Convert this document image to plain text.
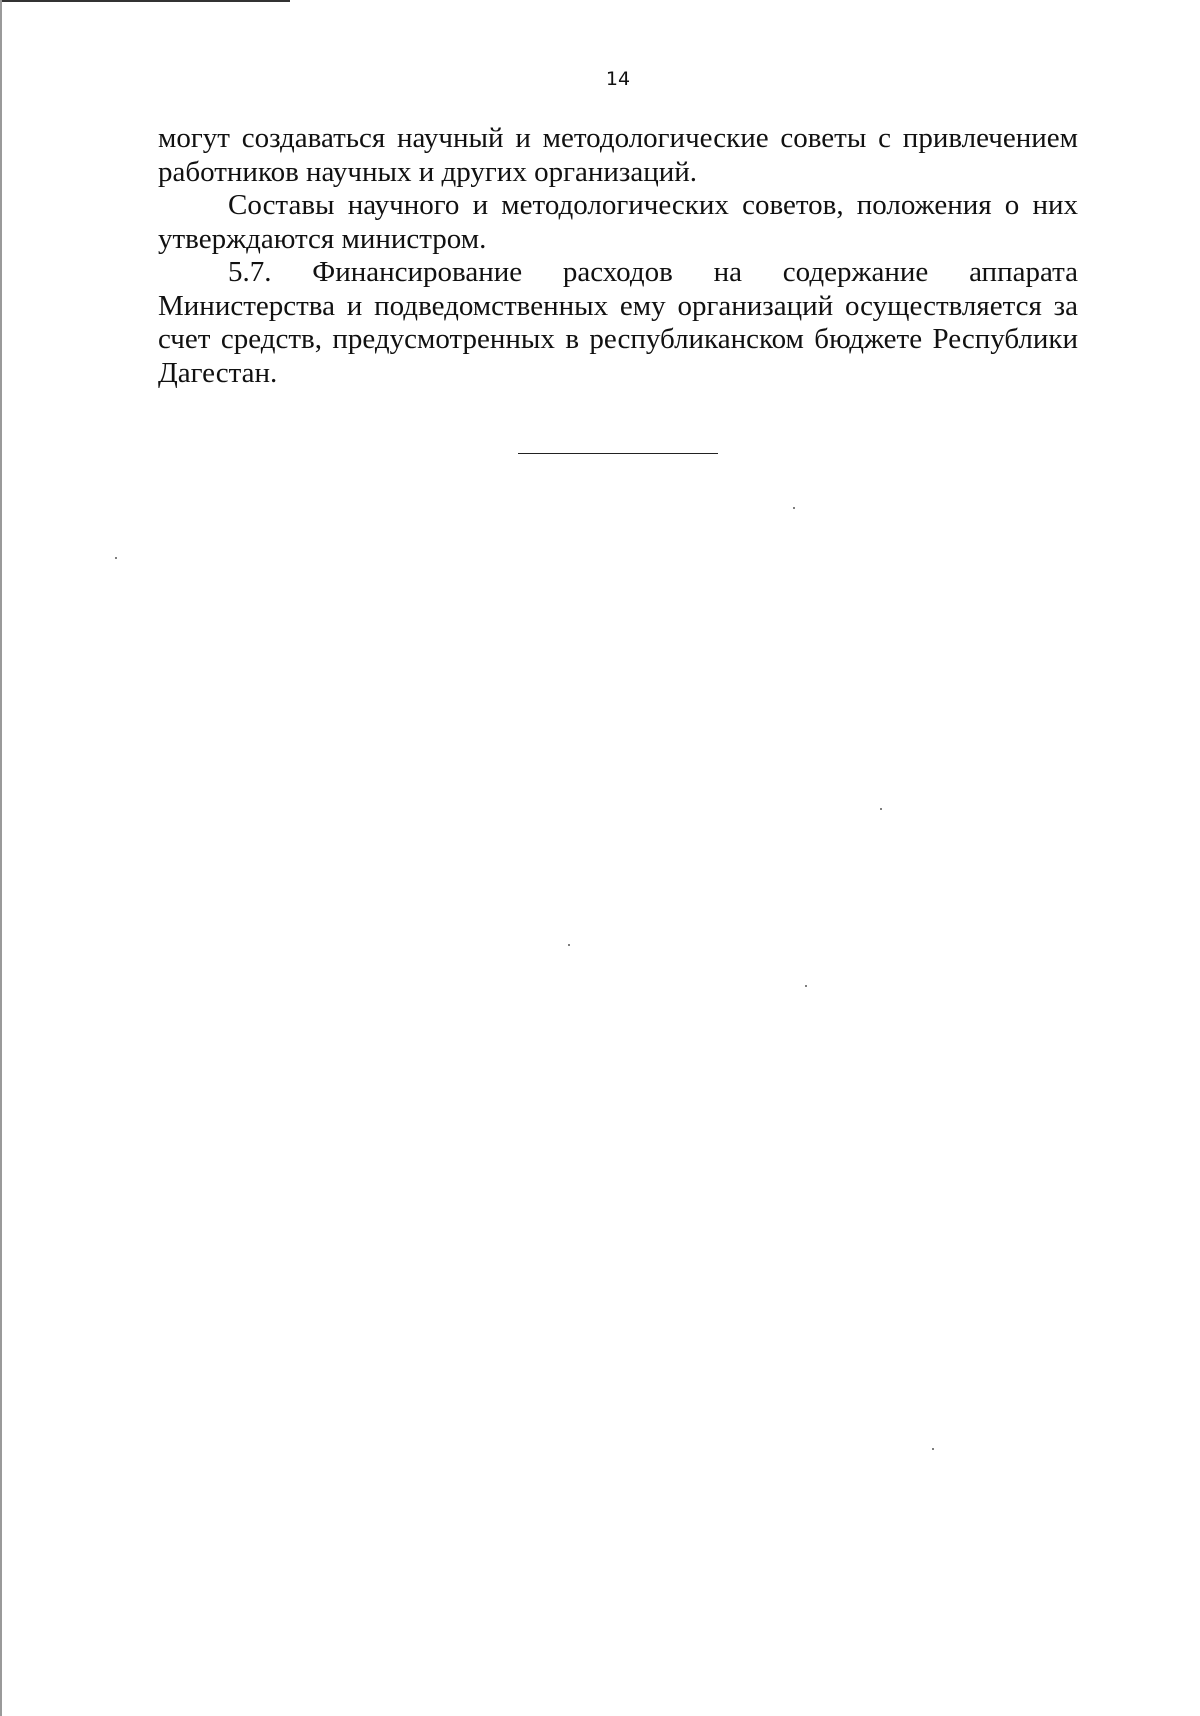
14

могут создаваться научный и методологические советы с привлечением работников научных и других организаций.

Составы научного и методологических советов, положения о них утверждаются министром.

5.7. Финансирование расходов на содержание аппарата Министерства и подведомственных ему организаций осуществляется за счет средств, предусмотренных в республиканском бюджете Республики Дагестан.
